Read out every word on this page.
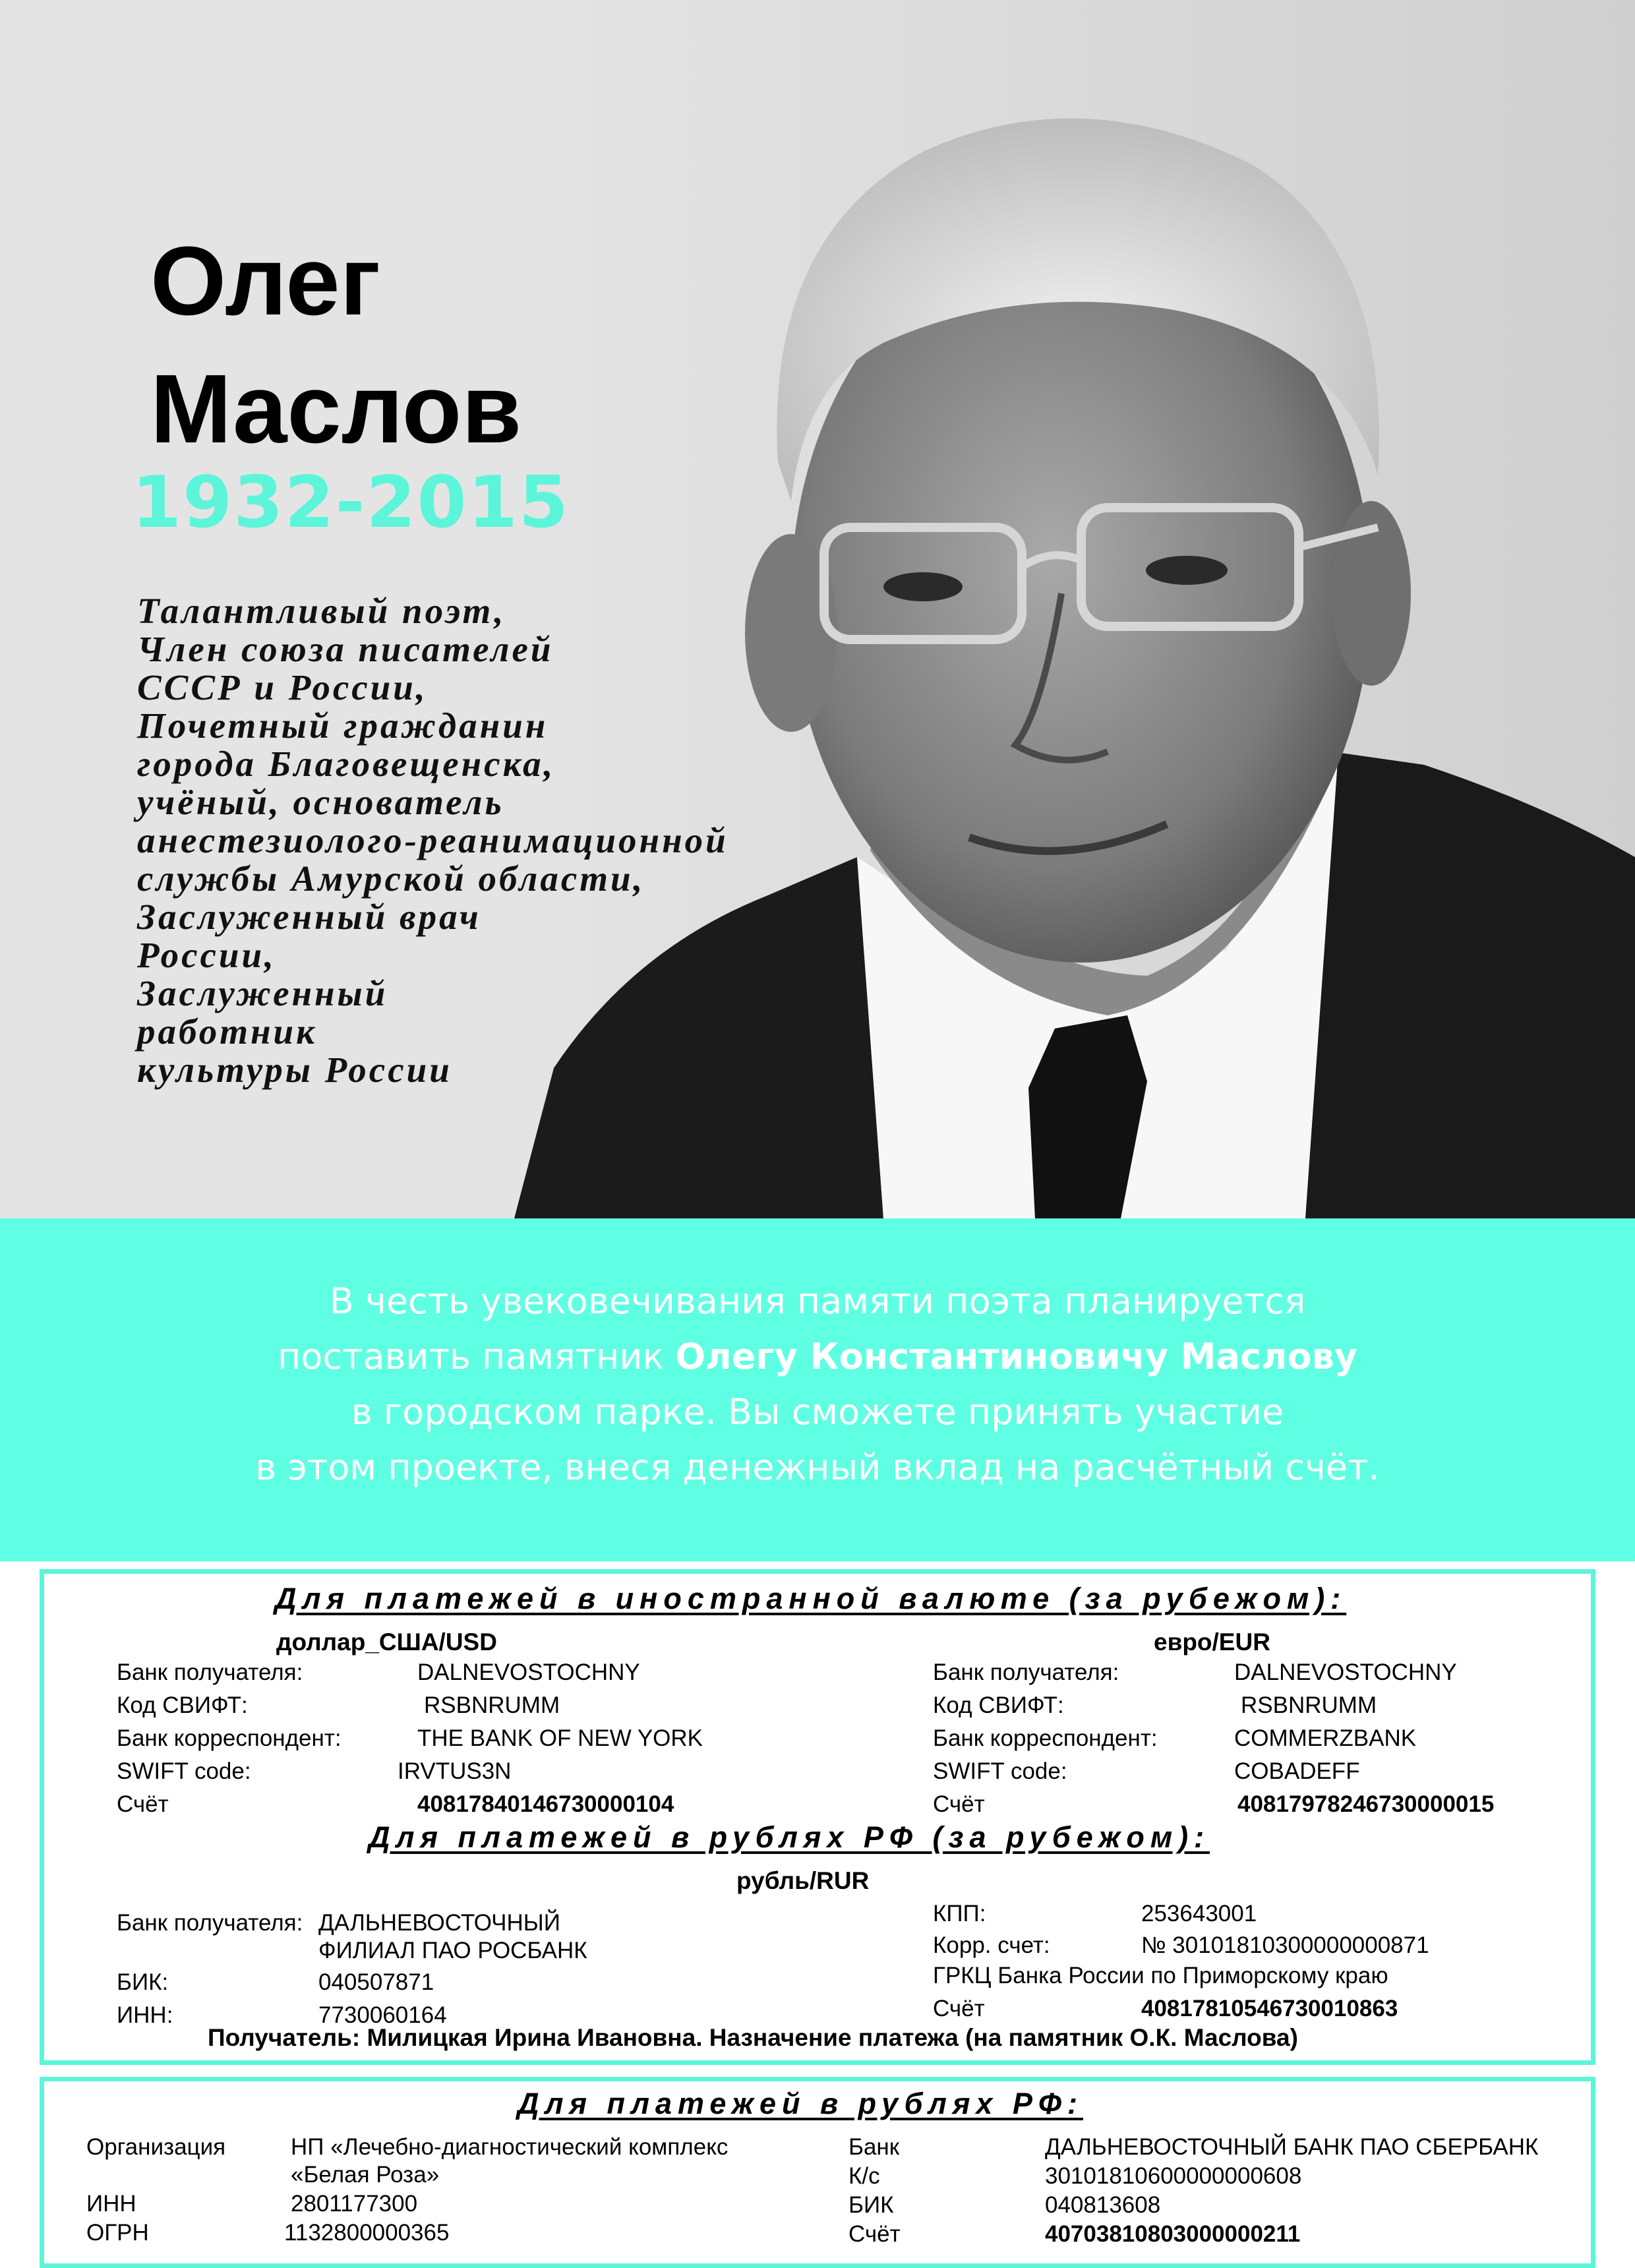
Олег
Маслов
1932-2015
Талантливый поэт,
Член союза писателей
СССР и России,
Почетный гражданин
города Благовещенска,
учёный, основатель
анестезиолого-реанимационной
службы Амурской области,
Заслуженный врач
России,
Заслуженный
работник
культуры России
В честь увековечивания памяти поэта планируется
поставить памятник Олегу Константиновичу Маслову
в городском парке. Вы сможете принять участие
в этом проекте, внеся денежный вклад на расчётный счёт.
Для платежей в иностранной валюте (за рубежом):
доллар_США/USD	евро/EUR
Банк получателя:	DALNEVOSTOCHNY
Код СВИФТ:	RSBNRUMM
Банк корреспондент:	THE BANK OF NEW YORK
SWIFT code:	IRVTUS3N
Счёт	40817840146730000104
Банк получателя:	DALNEVOSTOCHNY
Код СВИФТ:	RSBNRUMM
Банк корреспондент:	COMMERZBANK
SWIFT code:	COBADEFF
Счёт	40817978246730000015
Для платежей в рублях РФ (за рубежом):
рубль/RUR
Банк получателя: ДАЛЬНЕВОСТОЧНЫЙ
ФИЛИАЛ ПАО РОСБАНК
БИК:	040507871
ИНН:	7730060164
КПП:	253643001
Корр. счет:	№ 30101810300000000871
ГРКЦ Банка России по Приморскому краю
Счёт	40817810546730010863
Получатель: Милицкая Ирина Ивановна. Назначение платежа (на памятник О.К. Маслова)
Для платежей в рублях РФ:
Организация	НП «Лечебно-диагностический комплекс
«Белая Роза»
ИНН	2801177300
ОГРН	1132800000365
Банк	ДАЛЬНЕВОСТОЧНЫЙ БАНК ПАО СБЕРБАНК
К/с	30101810600000000608
БИК	040813608
Счёт	40703810803000000211
